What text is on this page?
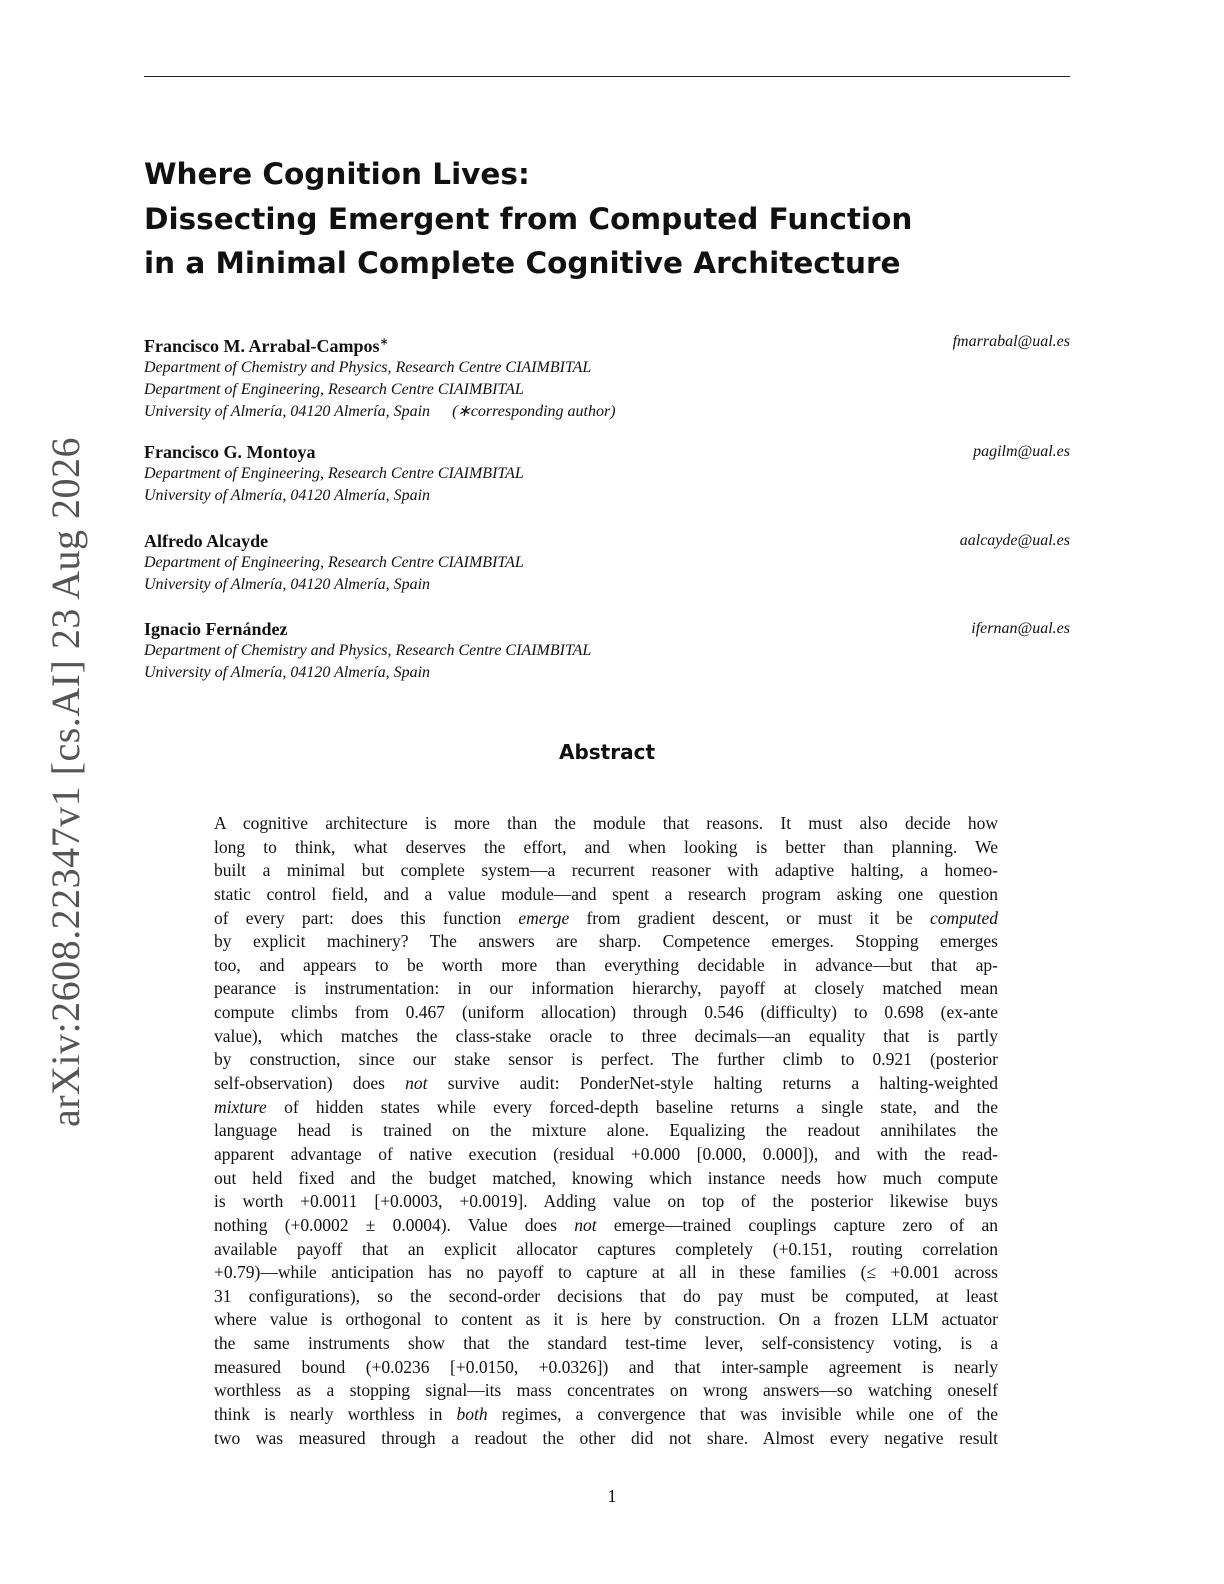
arXiv:2608.22347v1 [cs.AI] 23 Aug 2026
Where Cognition Lives:
Dissecting Emergent from Computed Function
in a Minimal Complete Cognitive Architecture
Francisco M. Arrabal-Campos∗	fmarrabal@ual.es
Department of Chemistry and Physics, Research Centre CIAIMBITAL
Department of Engineering, Research Centre CIAIMBITAL
University of Almería, 04120 Almería, Spain (∗corresponding author)
Francisco G. Montoya	pagilm@ual.es
Department of Engineering, Research Centre CIAIMBITAL
University of Almería, 04120 Almería, Spain
Alfredo Alcayde	aalcayde@ual.es
Department of Engineering, Research Centre CIAIMBITAL
University of Almería, 04120 Almería, Spain
Ignacio Fernández	ifernan@ual.es
Department of Chemistry and Physics, Research Centre CIAIMBITAL
University of Almería, 04120 Almería, Spain
Abstract
A cognitive architecture is more than the module that reasons. It must also decide how
long to think, what deserves the effort, and when looking is better than planning. We
built a minimal but complete system—a recurrent reasoner with adaptive halting, a homeo-
static control field, and a value module—and spent a research program asking one question
of every part: does this function emerge from gradient descent, or must it be computed
by explicit machinery? The answers are sharp. Competence emerges. Stopping emerges
too, and appears to be worth more than everything decidable in advance—but that ap-
pearance is instrumentation: in our information hierarchy, payoff at closely matched mean
compute climbs from 0.467 (uniform allocation) through 0.546 (difficulty) to 0.698 (ex-ante
value), which matches the class-stake oracle to three decimals—an equality that is partly
by construction, since our stake sensor is perfect. The further climb to 0.921 (posterior
self-observation) does not survive audit: PonderNet-style halting returns a halting-weighted
mixture of hidden states while every forced-depth baseline returns a single state, and the
language head is trained on the mixture alone. Equalizing the readout annihilates the
apparent advantage of native execution (residual +0.000 [0.000, 0.000]), and with the read-
out held fixed and the budget matched, knowing which instance needs how much compute
is worth +0.0011 [+0.0003, +0.0019]. Adding value on top of the posterior likewise buys
nothing (+0.0002 ± 0.0004). Value does not emerge—trained couplings capture zero of an
available payoff that an explicit allocator captures completely (+0.151, routing correlation
+0.79)—while anticipation has no payoff to capture at all in these families (≤ +0.001 across
31 configurations), so the second-order decisions that do pay must be computed, at least
where value is orthogonal to content as it is here by construction. On a frozen LLM actuator
the same instruments show that the standard test-time lever, self-consistency voting, is a
measured bound (+0.0236 [+0.0150, +0.0326]) and that inter-sample agreement is nearly
worthless as a stopping signal—its mass concentrates on wrong answers—so watching oneself
think is nearly worthless in both regimes, a convergence that was invisible while one of the
two was measured through a readout the other did not share. Almost every negative result
1
